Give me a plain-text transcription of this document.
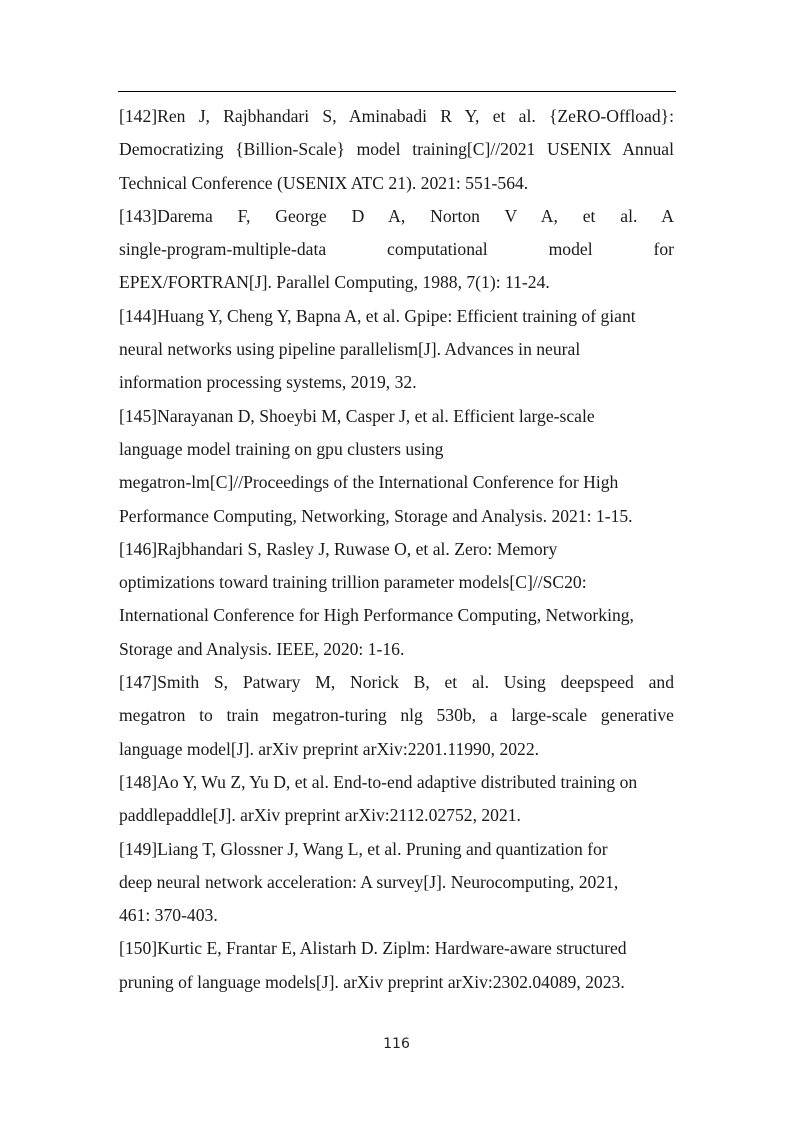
[142]Ren J, Rajbhandari S, Aminabadi R Y, et al. {ZeRO-Offload}:
Democratizing {Billion-Scale} model training[C]//2021 USENIX Annual
Technical Conference (USENIX ATC 21). 2021: 551-564.
[143]Darema F, George D A, Norton V A, et al. A
single-program-multiple-data computational model for
EPEX/FORTRAN[J]. Parallel Computing, 1988, 7(1): 11-24.
[144]Huang Y, Cheng Y, Bapna A, et al. Gpipe: Efficient training of giant
neural networks using pipeline parallelism[J]. Advances in neural
information processing systems, 2019, 32.
[145]Narayanan D, Shoeybi M, Casper J, et al. Efficient large-scale
language model training on gpu clusters using
megatron-lm[C]//Proceedings of the International Conference for High
Performance Computing, Networking, Storage and Analysis. 2021: 1-15.
[146]Rajbhandari S, Rasley J, Ruwase O, et al. Zero: Memory
optimizations toward training trillion parameter models[C]//SC20:
International Conference for High Performance Computing, Networking,
Storage and Analysis. IEEE, 2020: 1-16.
[147]Smith S, Patwary M, Norick B, et al. Using deepspeed and
megatron to train megatron-turing nlg 530b, a large-scale generative
language model[J]. arXiv preprint arXiv:2201.11990, 2022.
[148]Ao Y, Wu Z, Yu D, et al. End-to-end adaptive distributed training on
paddlepaddle[J]. arXiv preprint arXiv:2112.02752, 2021.
[149]Liang T, Glossner J, Wang L, et al. Pruning and quantization for
deep neural network acceleration: A survey[J]. Neurocomputing, 2021,
461: 370-403.
[150]Kurtic E, Frantar E, Alistarh D. Ziplm: Hardware-aware structured
pruning of language models[J]. arXiv preprint arXiv:2302.04089, 2023.
116
